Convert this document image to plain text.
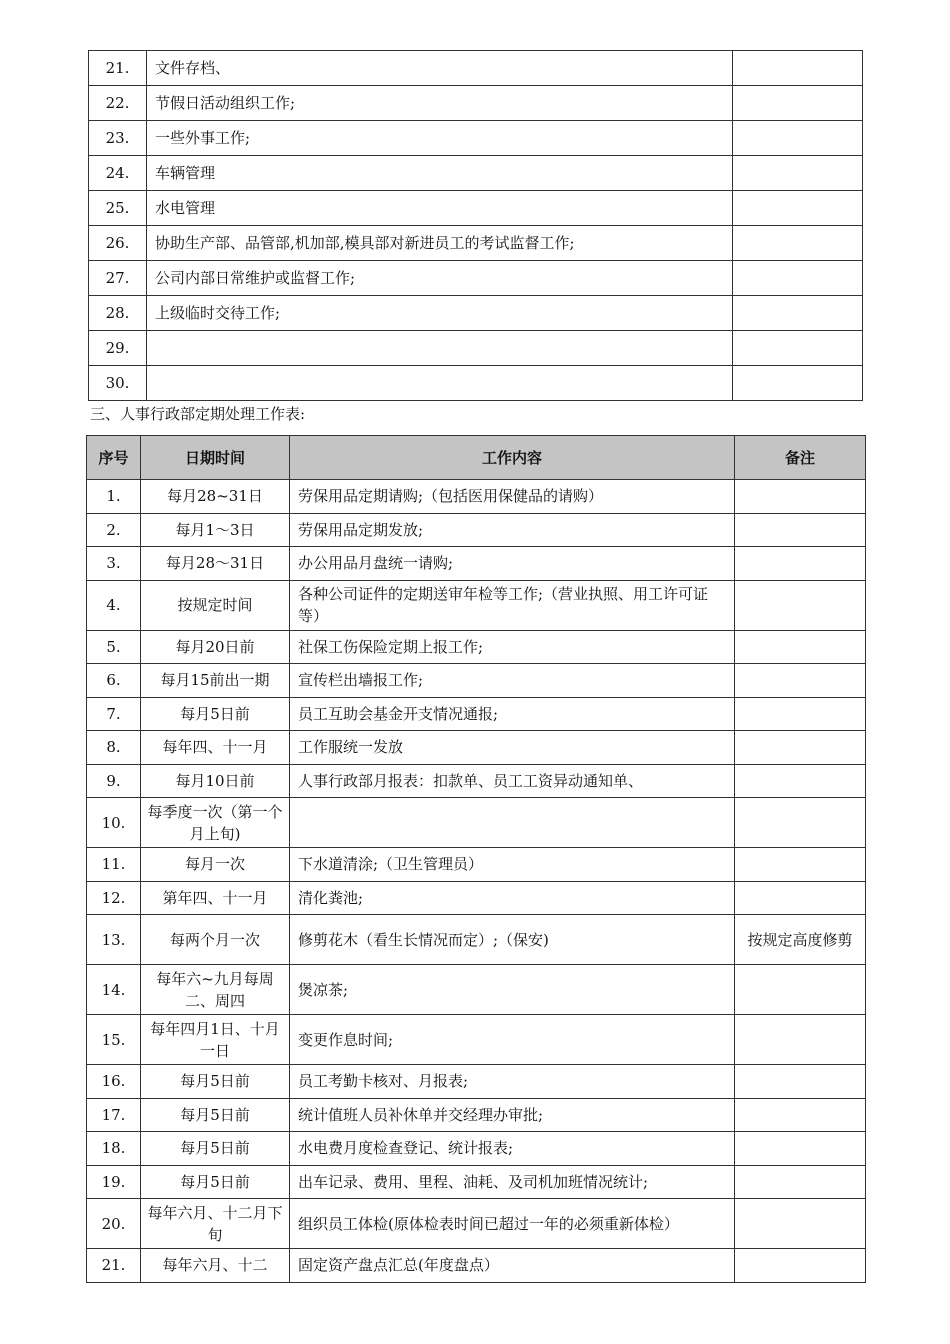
21.	文件存档、	
22.	节假日活动组织工作;	
23.	一些外事工作;	
24.	车辆管理	
25.	水电管理	
26.	协助生产部、品管部,机加部,模具部对新进员工的考试监督工作;	
27.	公司内部日常维护或监督工作;	
28.	上级临时交待工作;	
29.		
30.		
三、人事行政部定期处理工作表:
序号	日期时间	工作内容	备注
1.	每月28~31日	劳保用品定期请购;（包括医用保健品的请购）	
2.	每月1～3日	劳保用品定期发放;	
3.	每月28～31日	办公用品月盘统一请购;	
4.	按规定时间	各种公司证件的定期送审年检等工作;（营业执照、用工许可证等）	
5.	每月20日前	社保工伤保险定期上报工作;	
6.	每月15前出一期	宣传栏出墙报工作;	
7.	每月5日前	员工互助会基金开支情况通报;	
8.	每年四、十一月	工作服统一发放	
9.	每月10日前	人事行政部月报表：扣款单、员工工资异动通知单、	
10.	每季度一次（第一个月上旬)		
11.	每月一次	下水道清涂;（卫生管理员）	
12.	第年四、十一月	清化粪池;	
13.	每两个月一次	修剪花木（看生长情况而定）;（保安)	按规定高度修剪
14.	每年六~九月每周二、周四	煲凉茶;	
15.	每年四月1日、十月一日	变更作息时间;	
16.	每月5日前	员工考勤卡核对、月报表;	
17.	每月5日前	统计值班人员补休单并交经理办审批;	
18.	每月5日前	水电费月度检查登记、统计报表;	
19.	每月5日前	出车记录、费用、里程、油耗、及司机加班情况统计;	
20.	每年六月、十二月下旬	组织员工体检(原体检表时间已超过一年的必须重新体检）	
21.	每年六月、十二	固定资产盘点汇总(年度盘点）	
